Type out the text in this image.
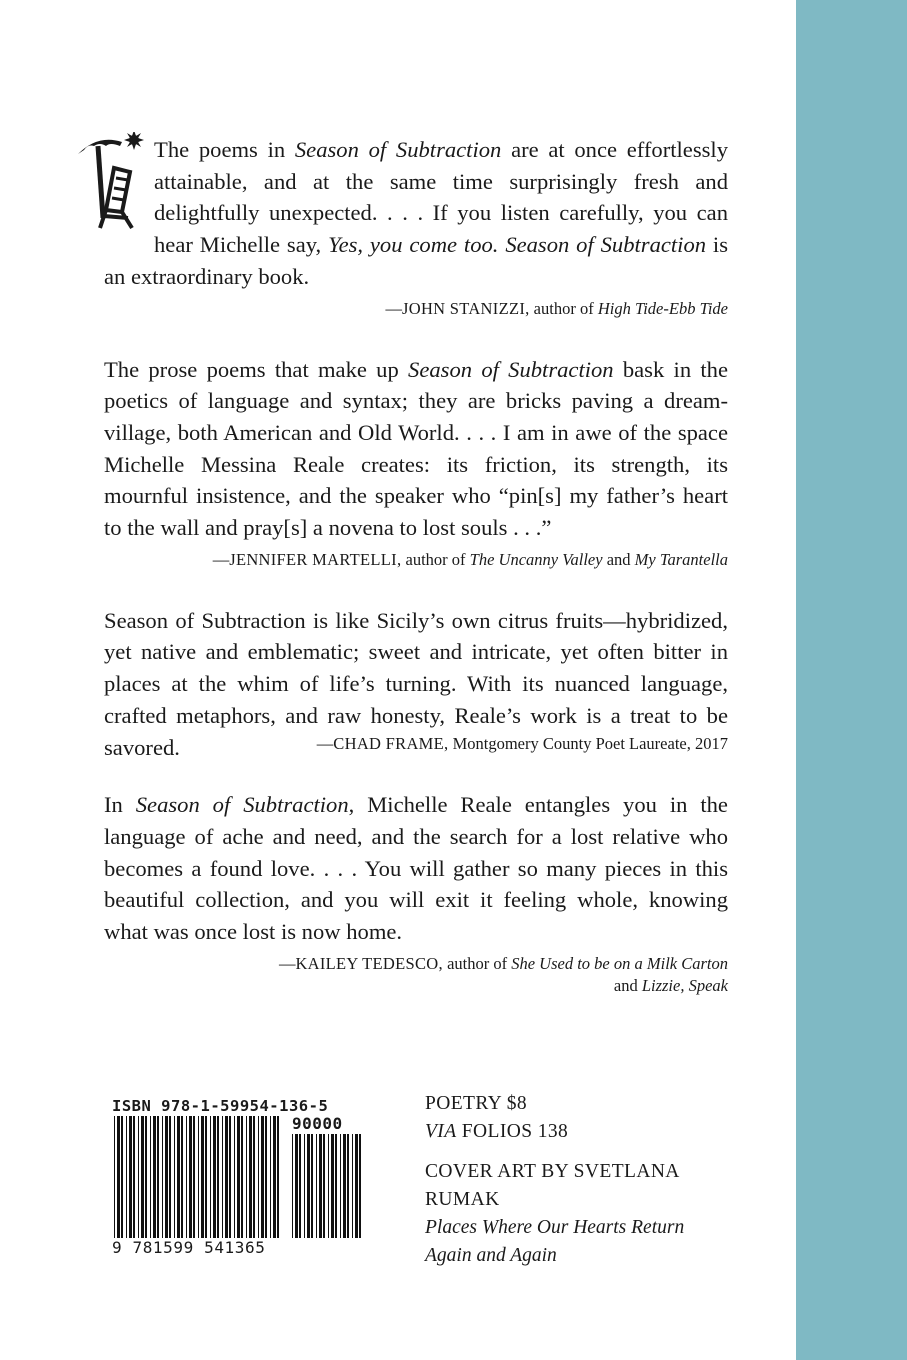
The poems in Season of Subtraction are at once effortlessly attainable, and at the same time surprisingly fresh and delightfully unexpected. . . . If you listen carefully, you can hear Michelle say, Yes, you come too. Season of Subtraction is an extraordinary book.

—JOHN STANIZZI, author of High Tide-Ebb Tide

The prose poems that make up Season of Subtraction bask in the poetics of language and syntax; they are bricks paving a dream-village, both American and Old World. . . . I am in awe of the space Michelle Messina Reale creates: its friction, its strength, its mournful insistence, and the speaker who “pin[s] my father’s heart to the wall and pray[s] a novena to lost souls . . .”

—JENNIFER MARTELLI, author of The Uncanny Valley and My Tarantella

Season of Subtraction is like Sicily’s own citrus fruits—hybridized, yet native and emblematic; sweet and intricate, yet often bitter in places at the whim of life’s turning. With its nuanced language, crafted metaphors, and raw honesty, Reale’s work is a treat to be savored.	—CHAD FRAME, Montgomery County Poet Laureate, 2017

In Season of Subtraction, Michelle Reale entangles you in the language of ache and need, and the search for a lost relative who becomes a found love. . . . You will gather so many pieces in this beautiful collection, and you will exit it feeling whole, knowing what was once lost is now home.

—KAILEY TEDESCO, author of She Used to be on a Milk Carton
and Lizzie, Speak
ISBN 978-1-59954-136-5
90000
9 781599 541365
POETRY $8
VIA FOLIOS 138
COVER ART BY SVETLANA RUMAK
Places Where Our Hearts Return
Again and Again
